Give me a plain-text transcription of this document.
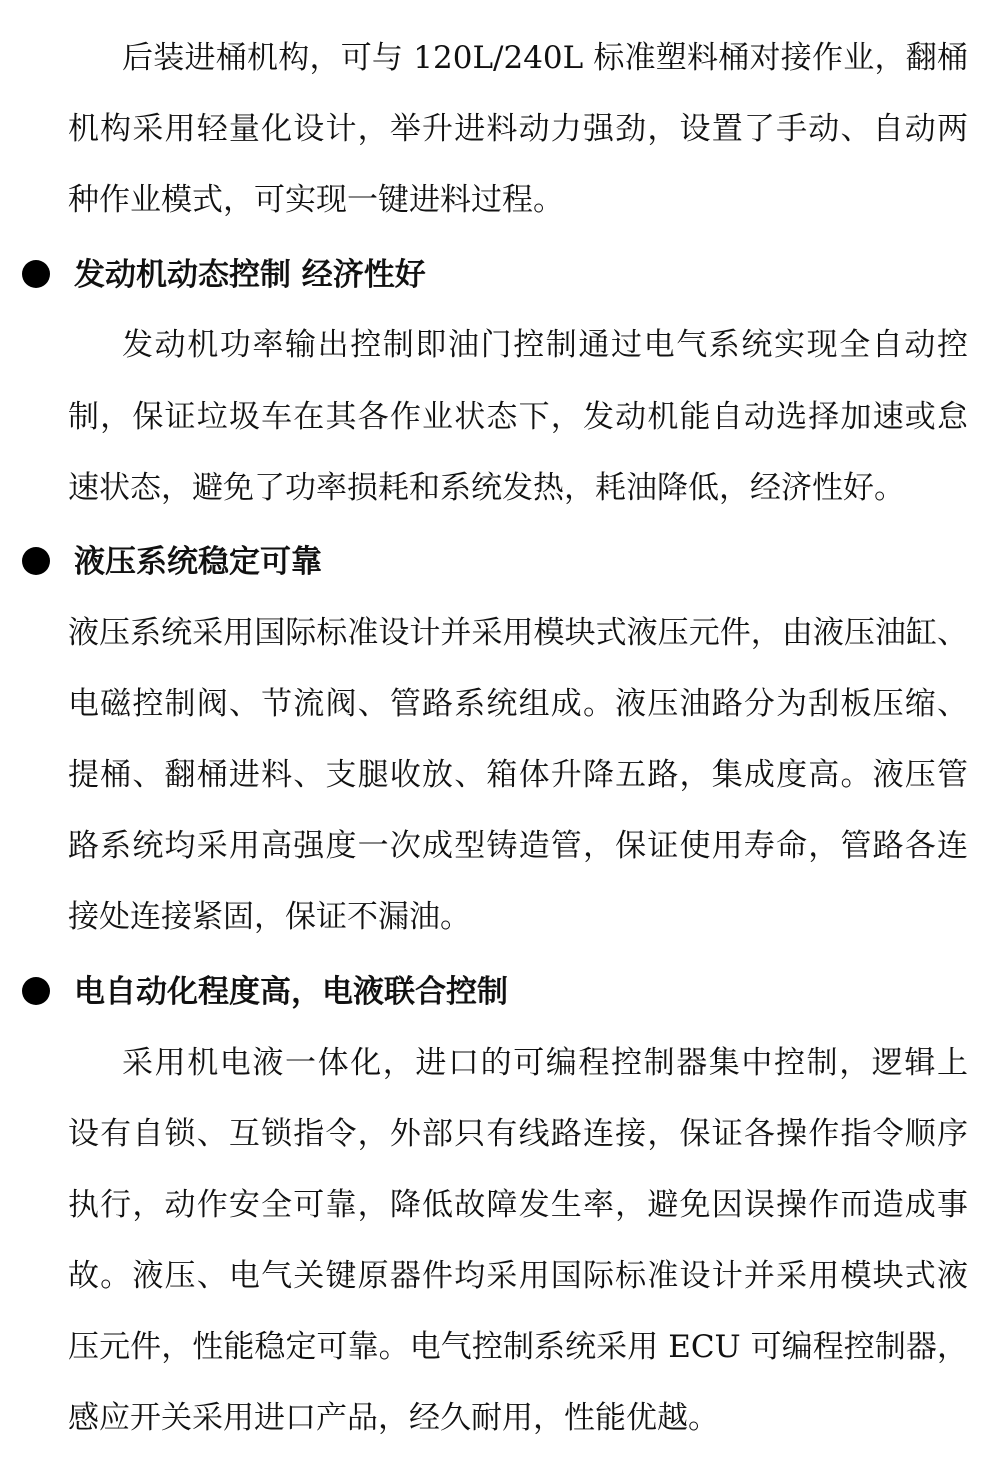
后装进桶机构，可与 120L/240L 标准塑料桶对接作业，翻桶
机构采用轻量化设计，举升进料动力强劲，设置了手动、自动两
种作业模式，可实现一键进料过程。
发动机动态控制 经济性好
发动机功率输出控制即油门控制通过电气系统实现全自动控
制，保证垃圾车在其各作业状态下，发动机能自动选择加速或怠
速状态，避免了功率损耗和系统发热，耗油降低，经济性好。
液压系统稳定可靠
液压系统采用国际标准设计并采用模块式液压元件，由液压油缸、
电磁控制阀、节流阀、管路系统组成。液压油路分为刮板压缩、
提桶、翻桶进料、支腿收放、箱体升降五路，集成度高。液压管
路系统均采用高强度一次成型铸造管，保证使用寿命，管路各连
接处连接紧固，保证不漏油。
电自动化程度高，电液联合控制
采用机电液一体化，进口的可编程控制器集中控制，逻辑上
设有自锁、互锁指令，外部只有线路连接，保证各操作指令顺序
执行，动作安全可靠，降低故障发生率，避免因误操作而造成事
故。液压、电气关键原器件均采用国际标准设计并采用模块式液
压元件，性能稳定可靠。电气控制系统采用 ECU 可编程控制器，
感应开关采用进口产品，经久耐用，性能优越。
